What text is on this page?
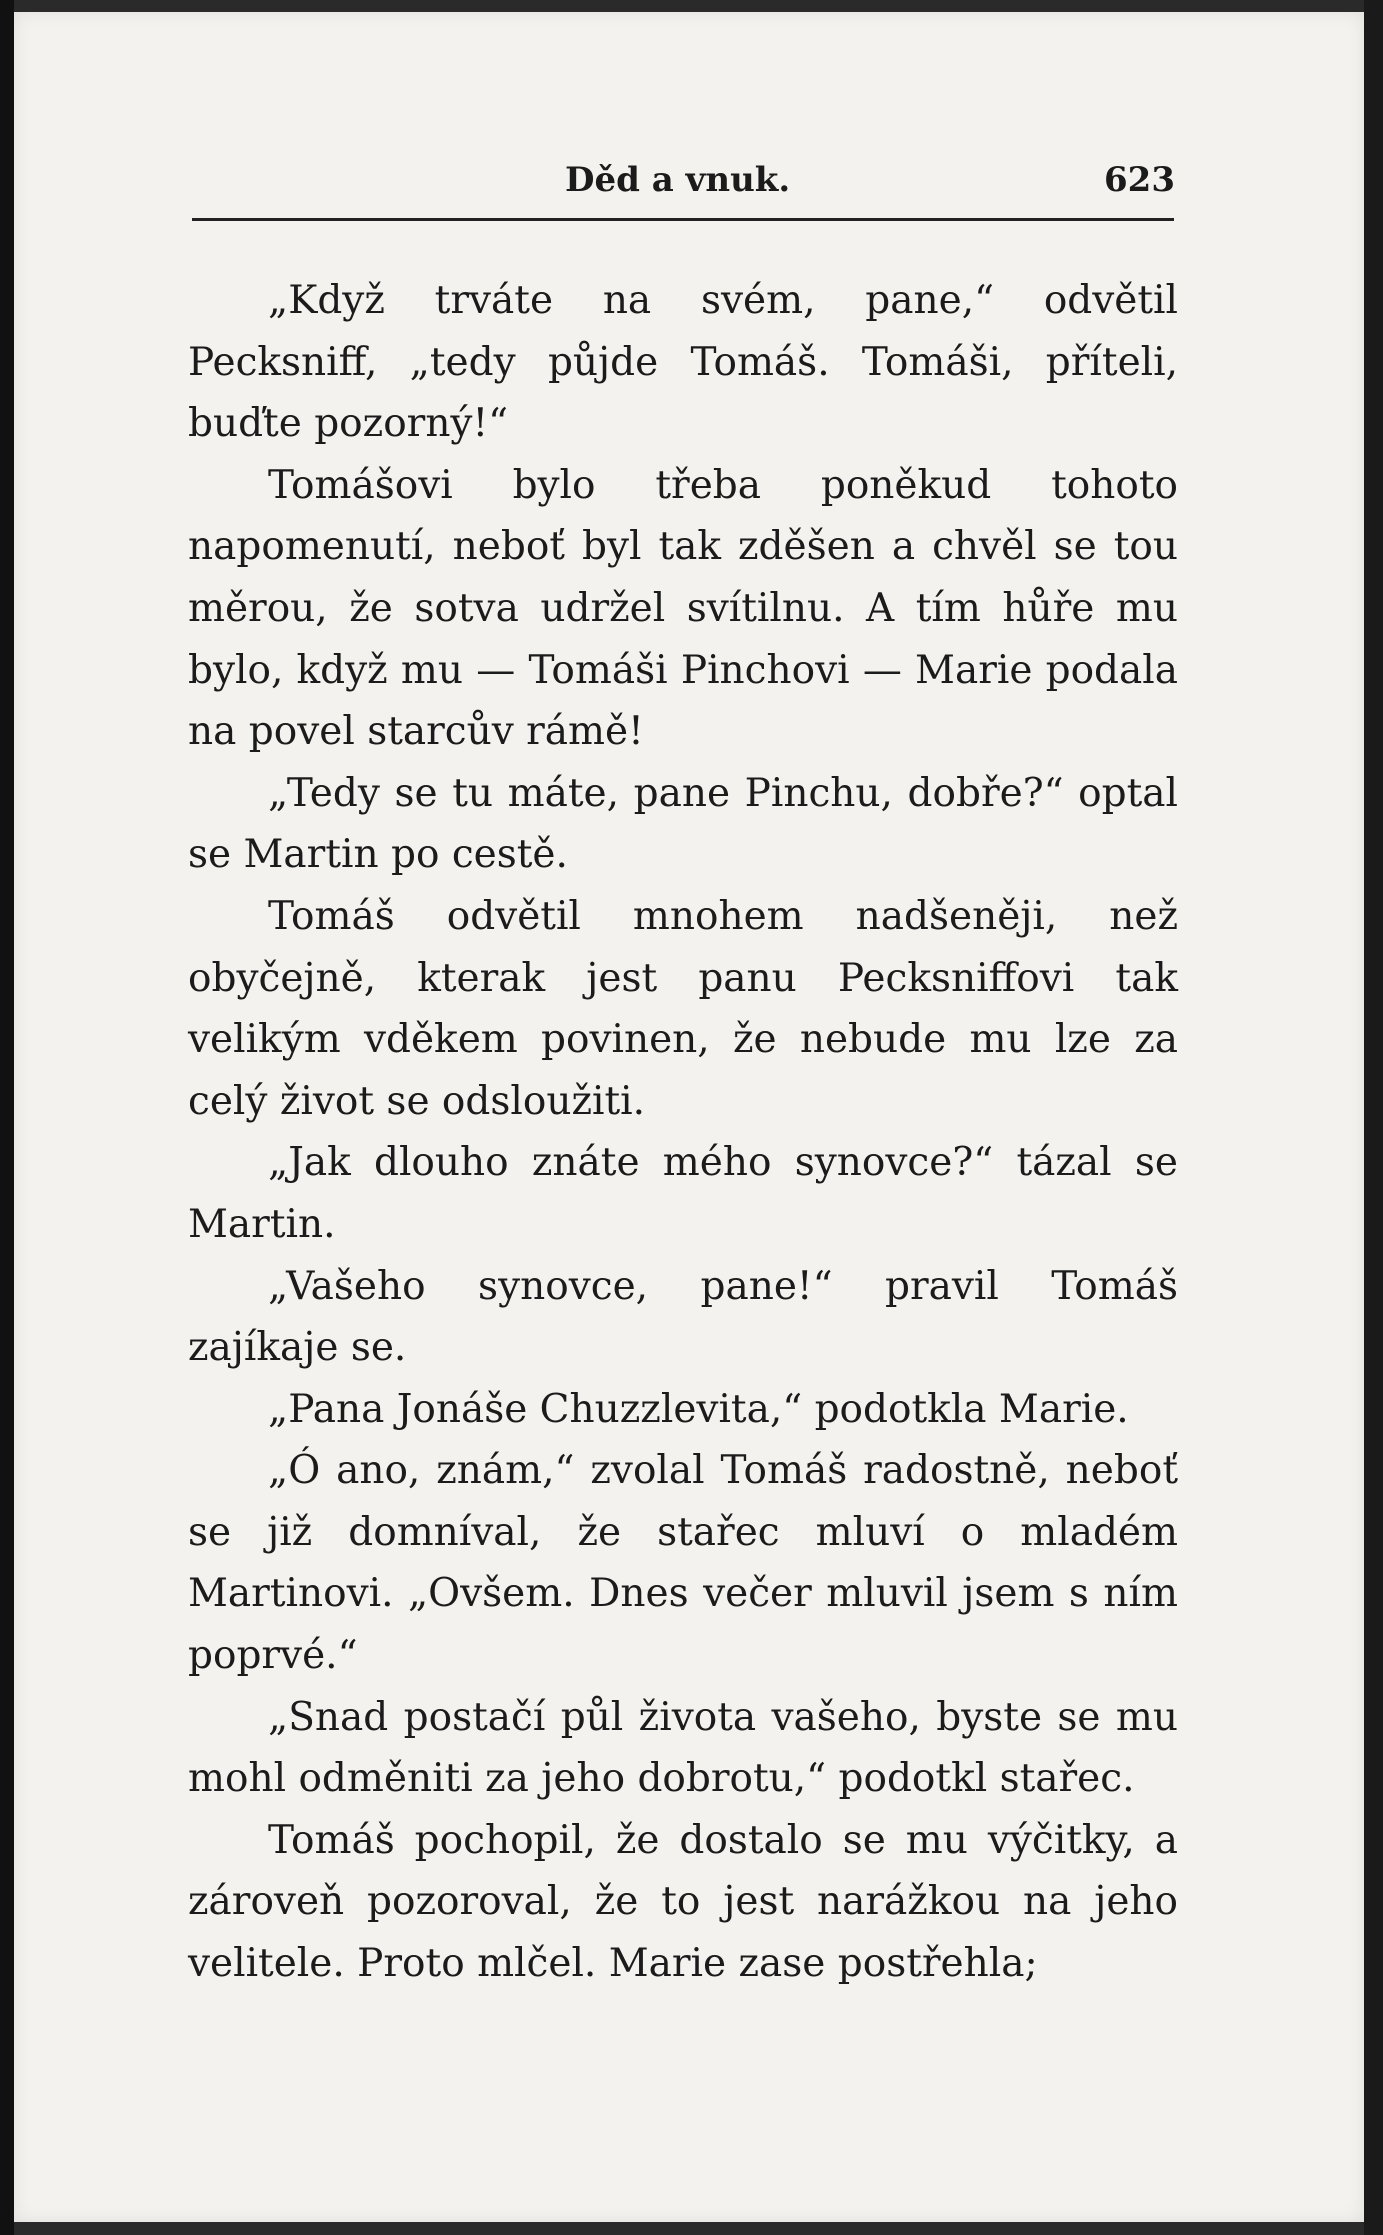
Děd a vnuk.	623

„Když trváte na svém, pane,“ odvětil Pecksniff, „tedy půjde Tomáš. Tomáši, příteli, buďte pozorný!“

Tomášovi bylo třeba poněkud tohoto napomenutí, neboť byl tak zděšen a chvěl se tou měrou, že sotva udržel svítilnu. A tím hůře mu bylo, když mu — Tomáši Pinchovi — Marie podala na povel starcův rámě!

„Tedy se tu máte, pane Pinchu, dobře?“ optal se Martin po cestě.

Tomáš odvětil mnohem nadšeněji, než obyčejně, kterak jest panu Pecksniffovi tak velikým vděkem povinen, že nebude mu lze za celý život se odsloužiti.

„Jak dlouho znáte mého synovce?“ tázal se Martin.

„Vašeho synovce, pane!“ pravil Tomáš zajíkaje se.

„Pana Jonáše Chuzzlevita,“ podotkla Marie.

„Ó ano, znám,“ zvolal Tomáš radostně, neboť se již domníval, že stařec mluví o mladém Martinovi. „Ovšem. Dnes večer mluvil jsem s ním poprvé.“

„Snad postačí půl života vašeho, byste se mu mohl odměniti za jeho dobrotu,“ podotkl stařec.

Tomáš pochopil, že dostalo se mu výčitky, a zároveň pozoroval, že to jest narážkou na jeho velitele. Proto mlčel. Marie zase postřehla;
